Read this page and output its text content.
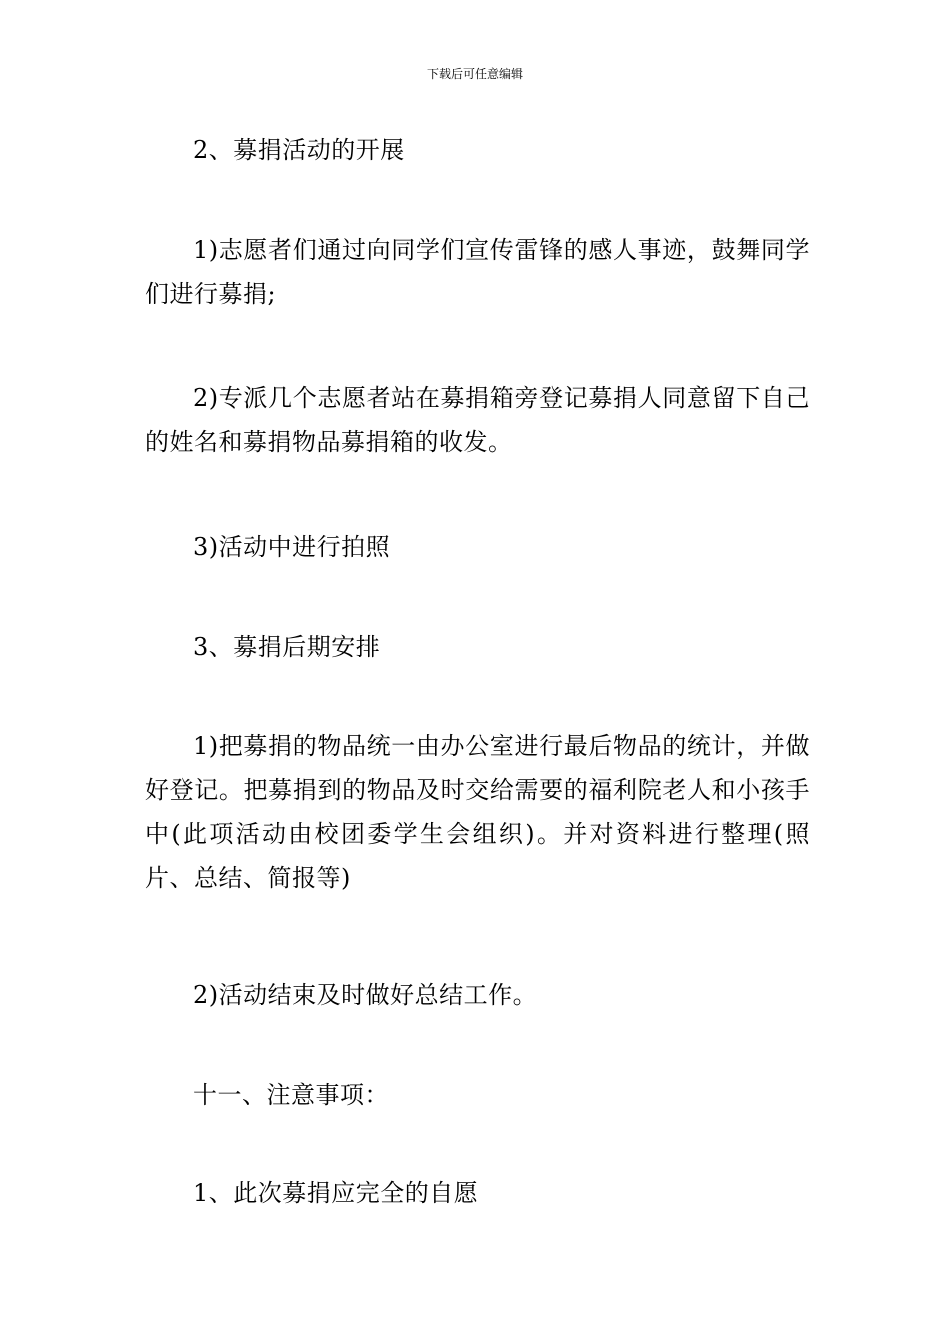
下载后可任意编辑

2、募捐活动的开展

1)志愿者们通过向同学们宣传雷锋的感人事迹，鼓舞同学们进行募捐;

2)专派几个志愿者站在募捐箱旁登记募捐人同意留下自己的姓名和募捐物品募捐箱的收发。

3)活动中进行拍照

3、募捐后期安排

1)把募捐的物品统一由办公室进行最后物品的统计，并做好登记。把募捐到的物品及时交给需要的福利院老人和小孩手中(此项活动由校团委学生会组织)。并对资料进行整理(照片、总结、简报等)

2)活动结束及时做好总结工作。

十一、注意事项：

1、此次募捐应完全的自愿
